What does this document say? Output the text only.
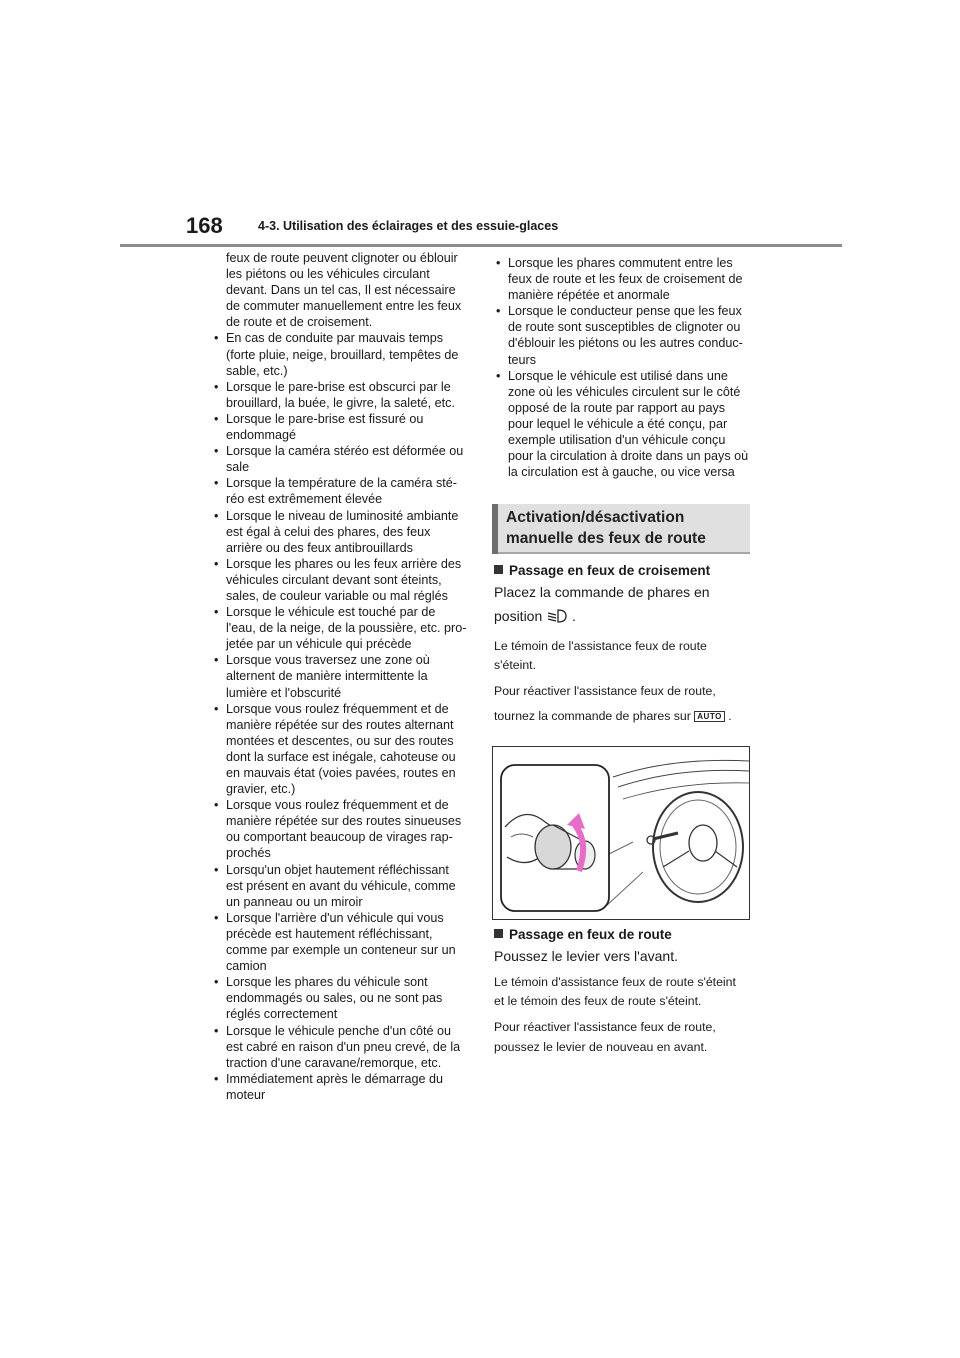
168	4-3. Utilisation des éclairages et des essuie-glaces

feux de route peuvent clignoter ou éblouir

les piétons ou les véhicules circulant

devant. Dans un tel cas, Il est nécessaire

de commuter manuellement entre les feux

de route et de croisement.

• En cas de conduite par mauvais temps
(forte pluie, neige, brouillard, tempêtes de
sable, etc.)
• Lorsque le pare-brise est obscurci par le
brouillard, la buée, le givre, la saleté, etc.
• Lorsque le pare-brise est fissuré ou
endommagé
• Lorsque la caméra stéréo est déformée ou
sale
• Lorsque la température de la caméra sté-
réo est extrêmement élevée
• Lorsque le niveau de luminosité ambiante
est égal à celui des phares, des feux
arrière ou des feux antibrouillards
• Lorsque les phares ou les feux arrière des
véhicules circulant devant sont éteints,
sales, de couleur variable ou mal réglés
• Lorsque le véhicule est touché par de
l'eau, de la neige, de la poussière, etc. pro-
jetée par un véhicule qui précède
• Lorsque vous traversez une zone où
alternent de manière intermittente la
lumière et l'obscurité
• Lorsque vous roulez fréquemment et de
manière répétée sur des routes alternant
montées et descentes, ou sur des routes
dont la surface est inégale, cahoteuse ou
en mauvais état (voies pavées, routes en
gravier, etc.)
• Lorsque vous roulez fréquemment et de
manière répétée sur des routes sinueuses
ou comportant beaucoup de virages rap-
prochés
• Lorsqu'un objet hautement réfléchissant
est présent en avant du véhicule, comme
un panneau ou un miroir
• Lorsque l'arrière d'un véhicule qui vous
précède est hautement réfléchissant,
comme par exemple un conteneur sur un
camion
• Lorsque les phares du véhicule sont
endommagés ou sales, ou ne sont pas
réglés correctement
• Lorsque le véhicule penche d'un côté ou
est cabré en raison d'un pneu crevé, de la
traction d'une caravane/remorque, etc.
• Immédiatement après le démarrage du
moteur
• Lorsque les phares commutent entre les
feux de route et les feux de croisement de
manière répétée et anormale
• Lorsque le conducteur pense que les feux
de route sont susceptibles de clignoter ou
d'éblouir les piétons ou les autres conduc-
teurs
• Lorsque le véhicule est utilisé dans une
zone où les véhicules circulent sur le côté
opposé de la route par rapport au pays
pour lequel le véhicule a été conçu, par
exemple utilisation d'un véhicule conçu
pour la circulation à droite dans un pays où
la circulation est à gauche, ou vice versa
Activation/désactivation
manuelle des feux de route
Passage en feux de croisement
Placez la commande de phares en
position .
Le témoin de l'assistance feux de route
s'éteint.
Pour réactiver l'assistance feux de route,
tournez la commande de phares sur AUTO .
Passage en feux de route
Poussez le levier vers l'avant.
Le témoin d'assistance feux de route s'éteint
et le témoin des feux de route s'éteint.
Pour réactiver l'assistance feux de route,
poussez le levier de nouveau en avant.
